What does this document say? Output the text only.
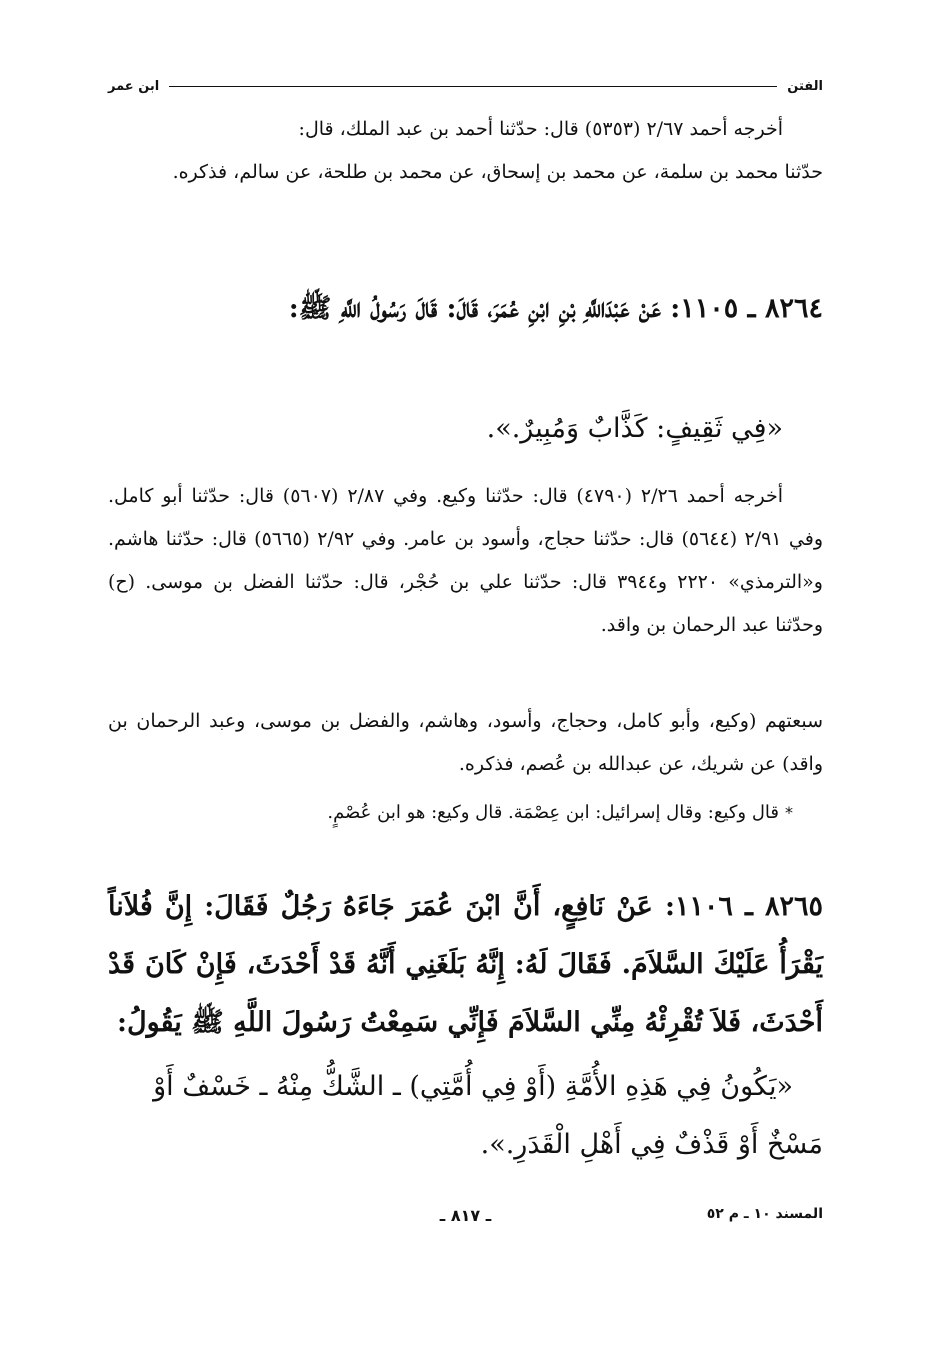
الفتن
ابن عمر

أخرجه أحمد ٢/٦٧ (٥٣٥٣) قال: حدّثنا أحمد بن عبد الملك، قال:

حدّثنا محمد بن سلمة، عن محمد بن إسحاق، عن محمد بن طلحة، عن سالم، فذكره.

٨٢٦٤ ـ ١١٠٥: عَنْ عَبْدَاللَّهِ بْنِ ابْنِ عُمَرَ، قَالَ: قَالَ رَسُولُ اللَّهِ ﷺ:

«فِي ثَقِيفٍ: كَذَّابٌ وَمُبِيرٌ.».

أخرجه أحمد ٢/٢٦ (٤٧٩٠) قال: حدّثنا وكيع. وفي ٢/٨٧ (٥٦٠٧) قال: حدّثنا أبو كامل. وفي ٢/٩١ (٥٦٤٤) قال: حدّثنا حجاج، وأسود بن عامر. وفي ٢/٩٢ (٥٦٦٥) قال: حدّثنا هاشم. و«الترمذي» ٢٢٢٠ و٣٩٤٤ قال: حدّثنا علي بن حُجْر، قال: حدّثنا الفضل بن موسى. (ح) وحدّثنا عبد الرحمان بن واقد.

سبعتهم (وكيع، وأبو كامل، وحجاج، وأسود، وهاشم، والفضل بن موسى، وعبد الرحمان بن واقد) عن شريك، عن عبدالله بن عُصم، فذكره.

*قال وكيع: وقال إسرائيل: ابن عِصْمَة. قال وكيع: هو ابن عُصْمٍ.

٨٢٦٥ ـ ١١٠٦: عَنْ نَافِعٍ، أَنَّ ابْنَ عُمَرَ جَاءَهُ رَجُلٌ فَقَالَ: إِنَّ فُلاَناً يَقْرَأُ عَلَيْكَ السَّلاَمَ. فَقَالَ لَهُ: إِنَّهُ بَلَغَنِي أَنَّهُ قَدْ أَحْدَثَ، فَإِنْ كَانَ قَدْ أَحْدَثَ، فَلاَ تُقْرِئْهُ مِنِّي السَّلاَمَ فَإِنِّي سَمِعْتُ رَسُولَ اللَّهِ ﷺ يَقُولُ:

«يَكُونُ فِي هَذِهِ الأُمَّةِ (أَوْ فِي أُمَّتِي) ـ الشَّكُّ مِنْهُ ـ خَسْفٌ أَوْ

مَسْخٌ أَوْ قَذْفٌ فِي أَهْلِ الْقَدَرِ.».

المسند ١٠ ـ م ٥٢
ـ ٨١٧ ـ
